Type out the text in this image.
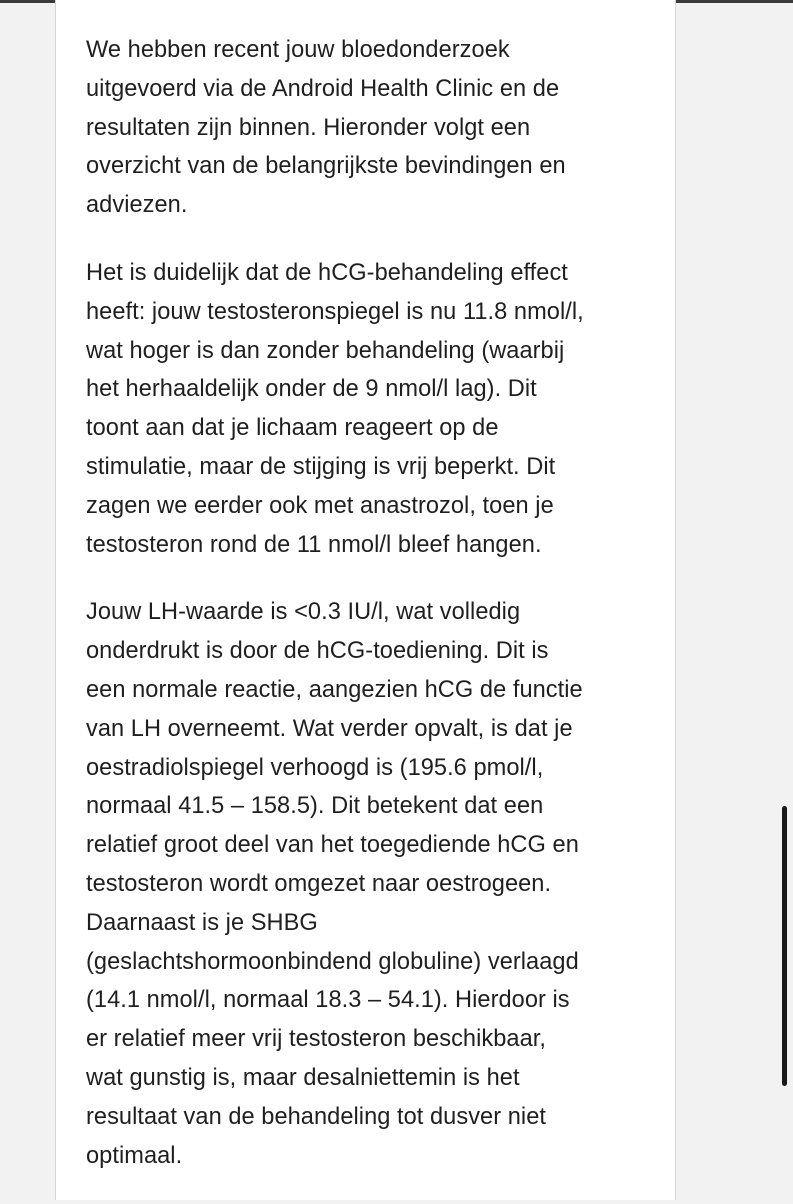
We hebben recent jouw bloedonderzoek
uitgevoerd via de Android Health Clinic en de
resultaten zijn binnen. Hieronder volgt een
overzicht van de belangrijkste bevindingen en
adviezen.

Het is duidelijk dat de hCG-behandeling effect
heeft: jouw testosteronspiegel is nu 11.8 nmol/l,
wat hoger is dan zonder behandeling (waarbij
het herhaaldelijk onder de 9 nmol/l lag). Dit
toont aan dat je lichaam reageert op de
stimulatie, maar de stijging is vrij beperkt. Dit
zagen we eerder ook met anastrozol, toen je
testosteron rond de 11 nmol/l bleef hangen.

Jouw LH-waarde is <0.3 IU/l, wat volledig
onderdrukt is door de hCG-toediening. Dit is
een normale reactie, aangezien hCG de functie
van LH overneemt. Wat verder opvalt, is dat je
oestradiolspiegel verhoogd is (195.6 pmol/l,
normaal 41.5 – 158.5). Dit betekent dat een
relatief groot deel van het toegediende hCG en
testosteron wordt omgezet naar oestrogeen.
Daarnaast is je SHBG
(geslachtshormoonbindend globuline) verlaagd
(14.1 nmol/l, normaal 18.3 – 54.1). Hierdoor is
er relatief meer vrij testosteron beschikbaar,
wat gunstig is, maar desalniettemin is het
resultaat van de behandeling tot dusver niet
optimaal.
